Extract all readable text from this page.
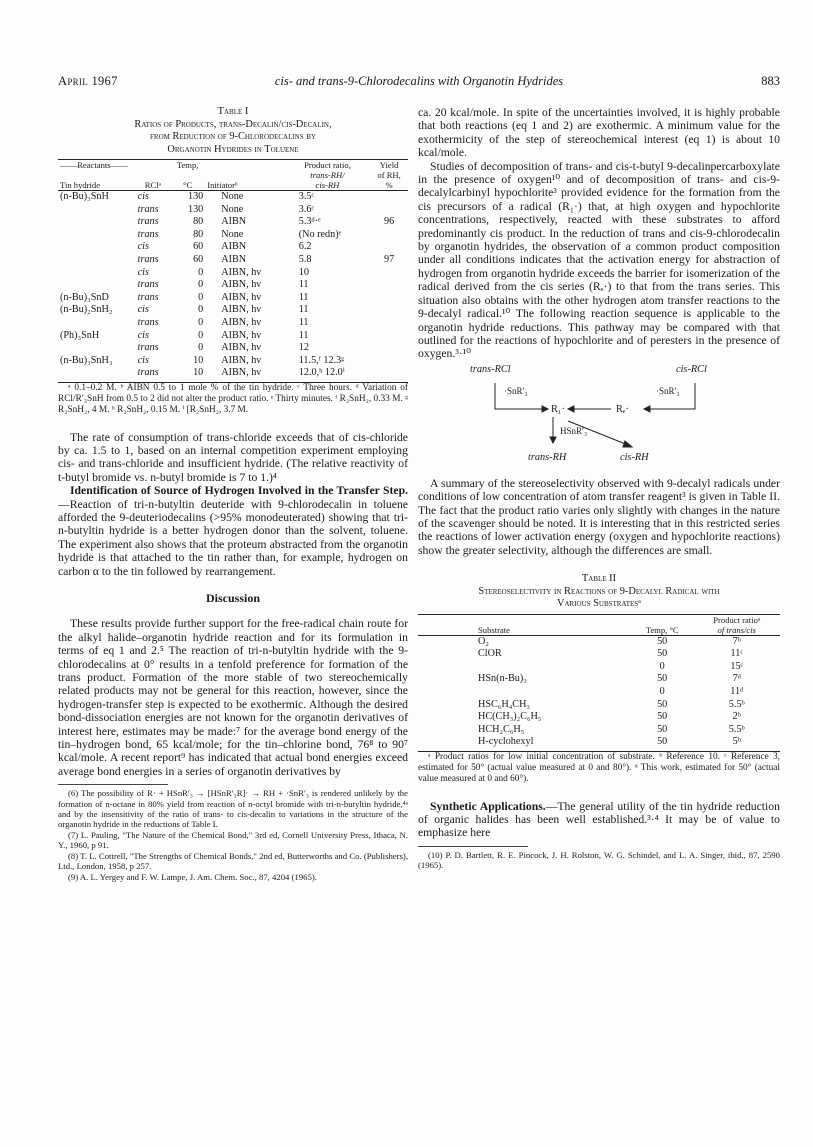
April 1967	cis- and trans-9-Chlorodecalins with Organotin Hydrides	883
Table I
Ratios of Products, trans-Decalin/cis-Decalin,
from Reduction of 9-Chlorodecalins by
Organotin Hydrides in Toluene
——Reactants——		Temp,		Product ratio,	Yield
				trans-RH/	of RH,
Tin hydride	RClᵃ	°C	Initiatorᵇ	cis-RH	%
(n-Bu)₃SnH	cis	130	None	3.5ᶜ	
	trans	130	None	3.6ᶜ	
	trans	80	AIBN	5.3ᵈ·ᵉ	96
	trans	80	None	(No redn)ᵉ	
	cis	60	AIBN	6.2	
	trans	60	AIBN	5.8	97
	cis	0	AIBN, hν	10	
	trans	0	AIBN, hν	11	
(n-Bu)₃SnD	trans	0	AIBN, hν	11	
(n-Bu)₂SnH₂	cis	0	AIBN, hν	11	
	trans	0	AIBN, hν	11	
(Ph)₃SnH	cis	0	AIBN, hν	11	
	trans	0	AIBN, hν	12	
(n-Bu)₃SnH₃	cis	10	AIBN, hν	11.5,ᶠ 12.3ᵍ	
	trans	10	AIBN, hν	12.0,ʰ 12.0ⁱ	

ᵃ 0.1–0.2 M. ᵇ AIBN 0.5 to 1 mole % of the tin hydride. ᶜ Three hours. ᵈ Variation of RCl/R′₃SnH from 0.5 to 2 did not alter the product ratio. ᵉ Thirty minutes. ᶠ R₂SnH₂, 0.33 M. ᵍ R₂SnH₂, 4 M. ʰ R₂SnH₂, 0.15 M. ⁱ [R₂SnH₂, 3.7 M.

The rate of consumption of trans-chloride exceeds that of cis-chloride by ca. 1.5 to 1, based on an internal competition experiment employing cis- and trans-chloride and insufficient hydride. (The relative reactivity of t-butyl bromide vs. n-butyl bromide is 7 to 1.)⁴

Identification of Source of Hydrogen Involved in the Transfer Step.—Reaction of tri-n-butyltin deuteride with 9-chlorodecalin in toluene afforded the 9-deuteriodecalins (>95% monodeuterated) showing that tri-n-butyltin hydride is a better hydrogen donor than the solvent, toluene. The experiment also shows that the proteum abstracted from the organotin hydride is that attached to the tin rather than, for example, hydrogen on carbon α to the tin followed by rearrangement.

Discussion

These results provide further support for the free-radical chain route for the alkyl halide–organotin hydride reaction and for its formulation in terms of eq 1 and 2.⁵ The reaction of tri-n-butyltin hydride with the 9-chlorodecalins at 0° results in a tenfold preference for formation of the trans product. Formation of the more stable of two stereochemically related products may not be general for this reaction, however, since the hydrogen-transfer step is expected to be exothermic. Although the desired bond-dissociation energies are not known for the organotin derivatives of interest here, estimates may be made:⁷ for the average bond energy of the tin–hydrogen bond, 65 kcal/mole; for the tin–chlorine bond, 76⁸ to 90⁷ kcal/mole. A recent report⁹ has indicated that actual bond energies exceed average bond energies in a series of organotin derivatives by

(6) The possibility of R· + HSnR′₃ → [HSnR′₃R]· → RH + ·SnR′₃ is rendered unlikely by the formation of n-octane in 80% yield from reaction of n-octyl bromide with tri-n-butyltin hydride,⁴ᵃ and by the insensitivity of the ratio of trans- to cis-decalin to variations in the structure of the organotin hydride in the reductions of Table I.

(7) L. Pauling, "The Nature of the Chemical Bond," 3rd ed, Cornell University Press, Ithaca, N. Y., 1960, p 91.

(8) T. L. Cottrell, "The Strengths of Chemical Bonds," 2nd ed, Butterworths and Co. (Publishers), Ltd., London, 1958, p 257.

(9) A. L. Yergey and F. W. Lampe, J. Am. Chem. Soc., 87, 4204 (1965).

ca. 20 kcal/mole. In spite of the uncertainties involved, it is highly probable that both reactions (eq 1 and 2) are exothermic. A minimum value for the exothermicity of the step of stereochemical interest (eq 1) is about 10 kcal/mole.

Studies of decomposition of trans- and cis-t-butyl 9-decalinpercarboxylate in the presence of oxygen¹⁰ and of decomposition of trans- and cis-9-decalylcarbinyl hypochlorite³ provided evidence for the formation from the cis precursors of a radical (R₁·) that, at high oxygen and hypochlorite concentrations, respectively, reacted with these substrates to afford predominantly cis product. In the reduction of trans and cis-9-chlorodecalin by organotin hydrides, the observation of a common product composition under all conditions indicates that the activation energy for abstraction of hydrogen from organotin hydride exceeds the barrier for isomerization of the radical derived from the cis series (Rₑ·) to that from the trans series. This situation also obtains with the other hydrogen atom transfer reactions to the 9-decalyl radical.¹⁰ The following reaction sequence is applicable to the organotin hydride reductions. This pathway may be compared with that outlined for the reactions of hypochlorite and of peresters in the presence of oxygen.³·¹⁰

trans-RCl	cis-RCl
·SnR′₃	·SnR′₃
R₁·	Rₑ·
HSnR′₃
trans-RH	cis-RH

A summary of the stereoselectivity observed with 9-decalyl radicals under conditions of low concentration of atom transfer reagent³ is given in Table II. The fact that the product ratio varies only slightly with changes in the nature of the scavenger should be noted. It is interesting that in this restricted series the reactions of lower activation energy (oxygen and hypochlorite reactions) show the greater selectivity, although the differences are small.

Table II
Stereoselectivity in Reactions of 9-Decalyl Radical with
Various Substratesᵃ
		Product ratioᵃ
Substrate	Temp, °C	of trans/cis
O₂	50	7ᵇ
ClOR	50	11ᶜ
	0	15ᶜ
HSn(n-Bu)₃	50	7ᵈ
	0	11ᵈ
HSC₆H₄CH₃	50	5.5ᵇ
HC(CH₃)₂C₆H₅	50	2ᵇ
HCH₂C₆H₅	50	5.5ᵇ
H-cyclohexyl	50	5ᵇ

ᵃ Product ratios for low initial concentration of substrate. ᵇ Reference 10. ᶜ Reference 3, estimated for 50° (actual value measured at 0 and 80°). ᵈ This work, estimated for 50° (actual value measured at 0 and 60°).

Synthetic Applications.—The general utility of the tin hydride reduction of organic halides has been well established.³·⁴ It may be of value to emphasize here

(10) P. D. Bartlett, R. E. Pincock, J. H. Rolston, W. G. Schindel, and L. A. Singer, ibid., 87, 2590 (1965).
